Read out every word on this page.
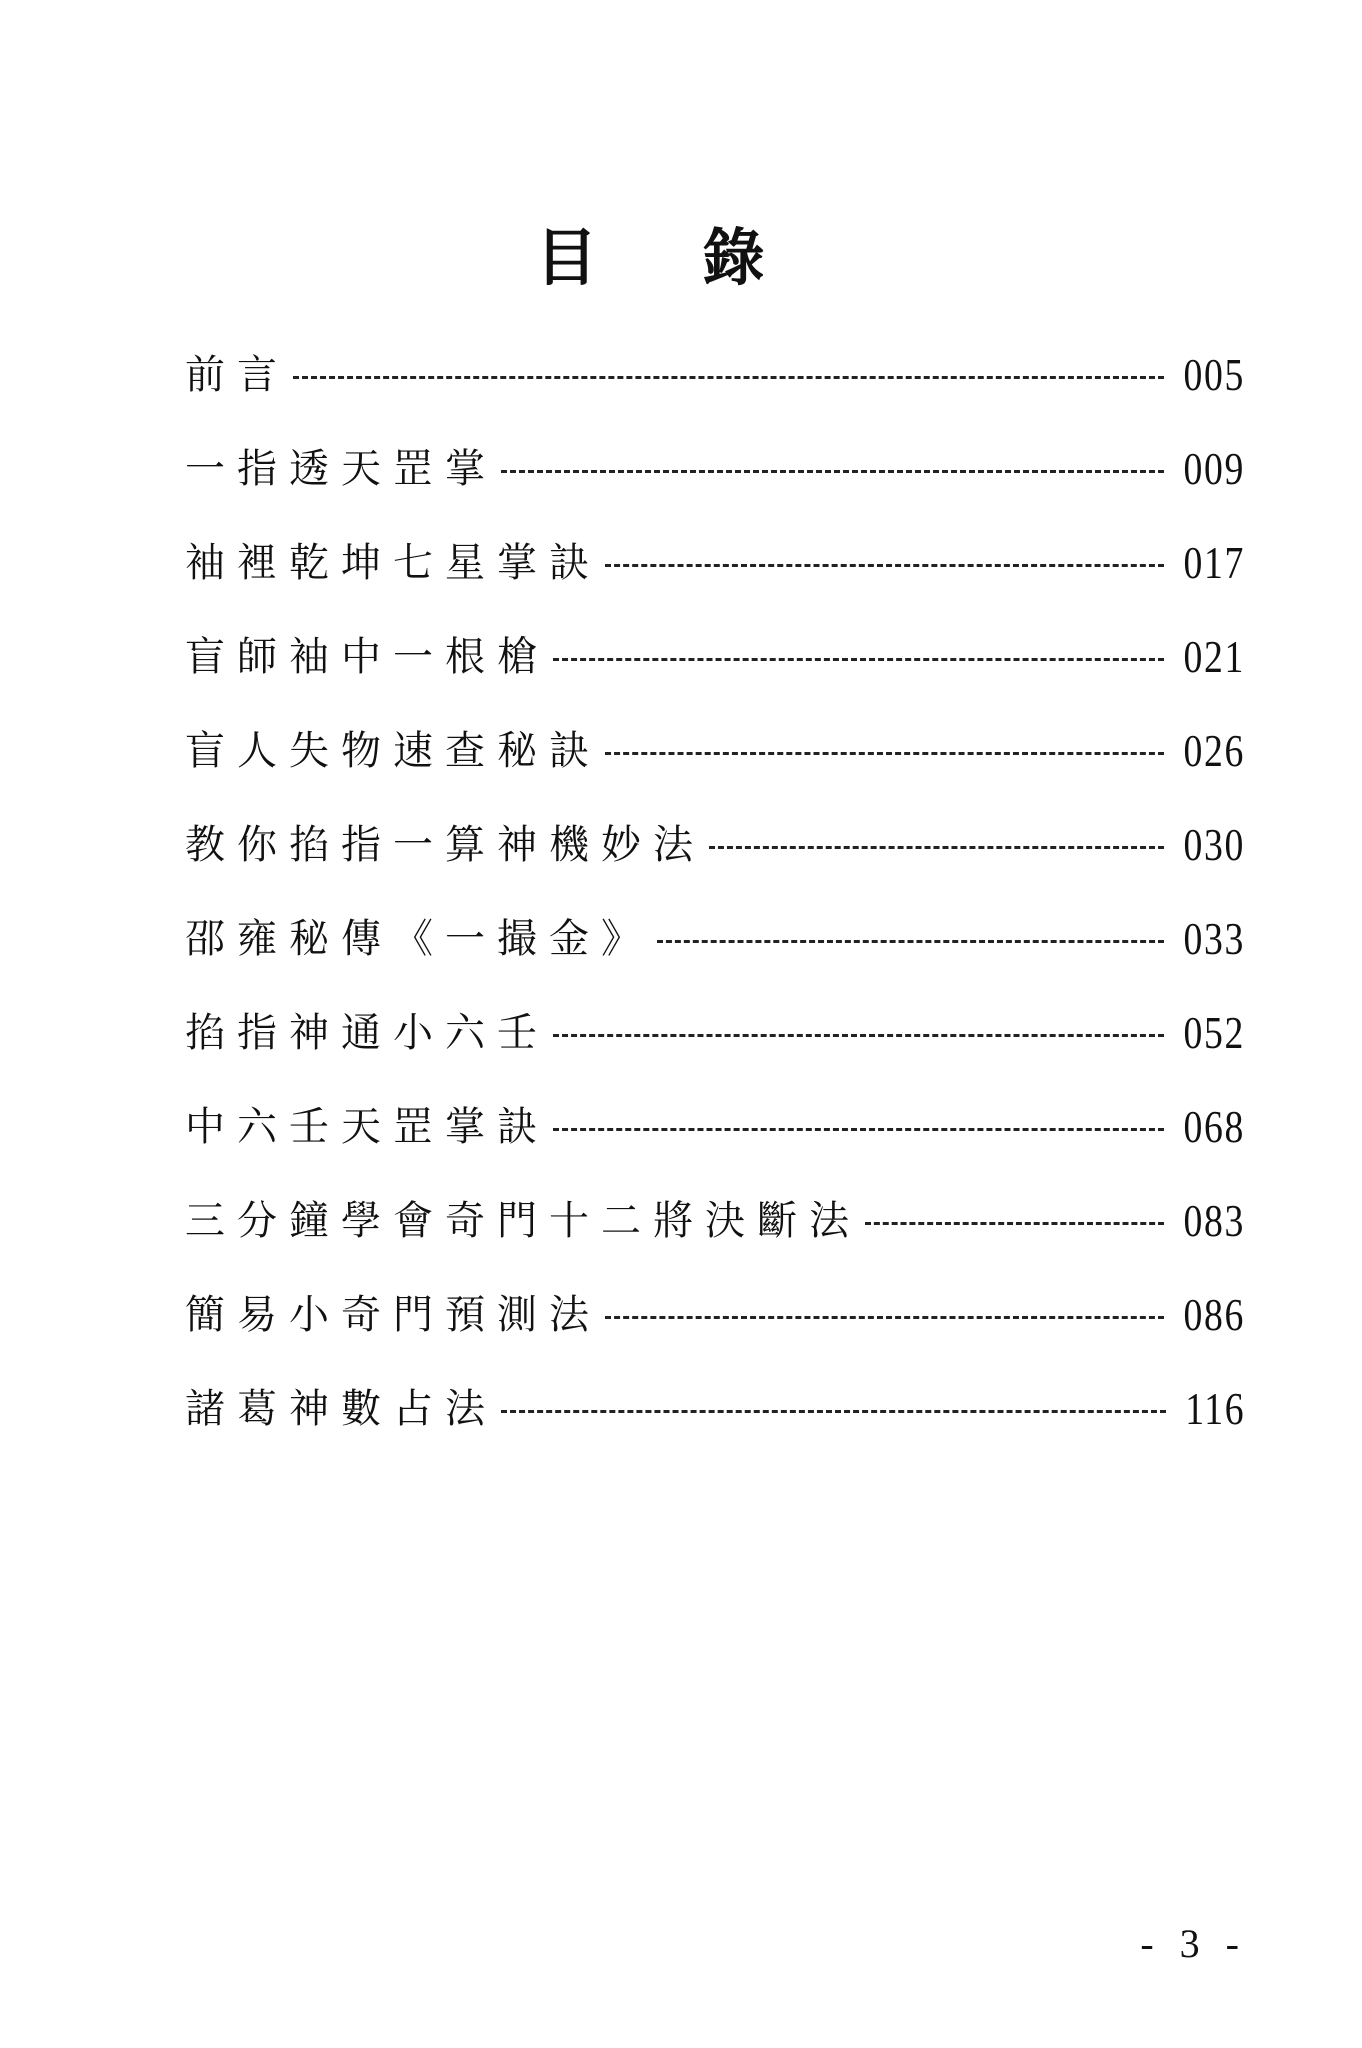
目 錄
前言	005
一指透天罡掌	009
袖裡乾坤七星掌訣	017
盲師袖中一根槍	021
盲人失物速查秘訣	026
教你掐指一算神機妙法	030
邵雍秘傳《一撮金》	033
掐指神通小六壬	052
中六壬天罡掌訣	068
三分鐘學會奇門十二將決斷法	083
簡易小奇門預測法	086
諸葛神數占法	116
- 3 -
